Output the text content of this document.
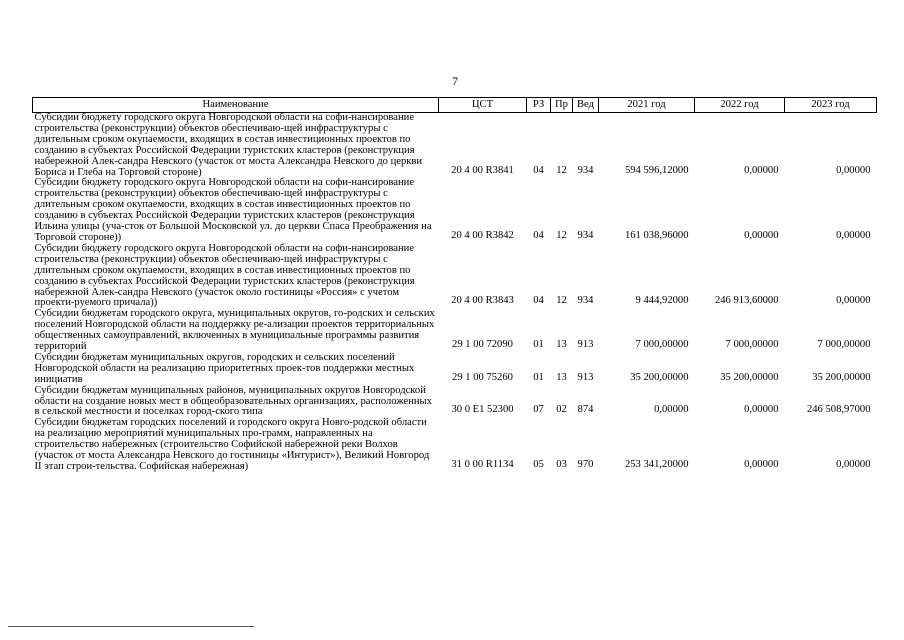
7
Наименование	ЦСТ	РЗ	Пр	Вед	2021 год	2022 год	2023 год
Субсидии бюджету городского округа Новгородской области на софи-нансирование строительства (реконструкции) объектов обеспечиваю-щей инфраструктуры с длительным сроком окупаемости, входящих в состав инвестиционных проектов по созданию в субъектах Российской Федерации туристских кластеров (реконструкция набережной Алек-сандра Невского (участок от моста Александра Невского до церкви Бориса и Глеба на Торговой стороне)	20 4 00 R3841	04	12	934	594 596,12000	0,00000	0,00000
Субсидии бюджету городского округа Новгородской области на софи-нансирование строительства (реконструкции) объектов обеспечиваю-щей инфраструктуры с длительным сроком окупаемости, входящих в состав инвестиционных проектов по созданию в субъектах Российской Федерации туристских кластеров (реконструкция Ильина улицы (уча-сток от Большой Московской ул. до церкви Спаса Преображения на Торговой стороне))	20 4 00 R3842	04	12	934	161 038,96000	0,00000	0,00000
Субсидии бюджету городского округа Новгородской области на софи-нансирование строительства (реконструкции) объектов обеспечиваю-щей инфраструктуры с длительным сроком окупаемости, входящих в состав инвестиционных проектов по созданию в субъектах Российской Федерации туристских кластеров (реконструкция набережной Алек-сандра Невского (участок около гостиницы «Россия» с учетом проекти-руемого причала))	20 4 00 R3843	04	12	934	9 444,92000	246 913,60000	0,00000
Субсидии бюджетам городского округа, муниципальных округов, го-родских и сельских поселений Новгородской области на поддержку ре-ализации проектов территориальных общественных самоуправлений, включенных в муниципальные программы развития территорий	29 1 00 72090	01	13	913	7 000,00000	7 000,00000	7 000,00000
Субсидии бюджетам муниципальных округов, городских и сельских поселений Новгородской области на реализацию приоритетных проек-тов поддержки местных инициатив	29 1 00 75260	01	13	913	35 200,00000	35 200,00000	35 200,00000
Субсидии бюджетам муниципальных районов, муниципальных округов Новгородской области на создание новых мест в общеобразовательных организациях, расположенных в сельской местности и поселках город-ского типа	30 0 E1 52300	07	02	874	0,00000	0,00000	246 508,97000
Субсидии бюджетам городских поселений и городского округа Новго-родской области на реализацию мероприятий муниципальных про-грамм, направленных на строительство набережных (строительство Софийской набережной реки Волхов (участок от моста Александра Невского до гостиницы «Интурист»), Великий Новгород II этап строи-тельства. Софийская набережная)	31 0 00 R1134	05	03	970	253 341,20000	0,00000	0,00000
